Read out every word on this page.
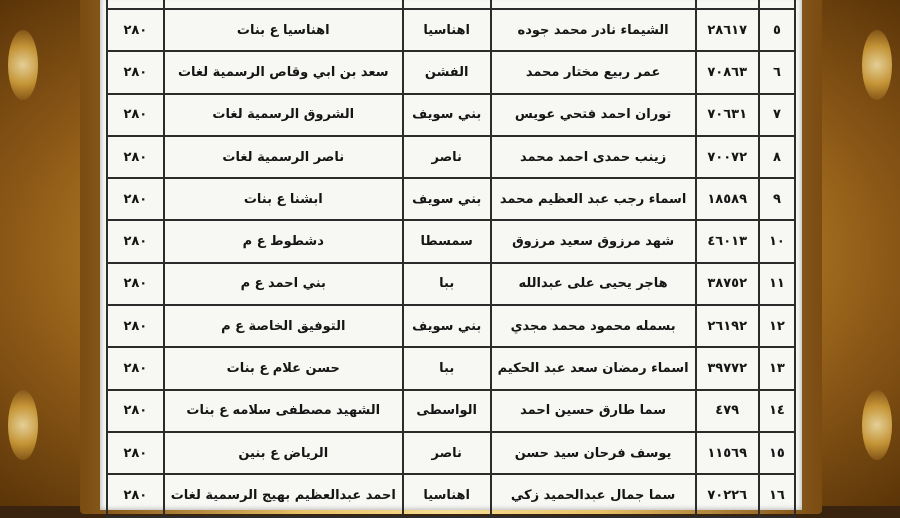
٥	٢٨٦١٧	الشيماء نادر محمد جوده	اهناسيا	اهناسيا ع بنات	٢٨٠
٦	٧٠٨٦٣	عمر ربيع مختار محمد	الفشن	سعد بن ابي وقاص الرسمية لغات	٢٨٠
٧	٧٠٦٣١	توران احمد فتحي عويس	بني سويف	الشروق الرسمية لغات	٢٨٠
٨	٧٠٠٧٢	زينب حمدى احمد محمد	ناصر	ناصر الرسمية لغات	٢٨٠
٩	١٨٥٨٩	اسماء رجب عبد العظيم محمد	بني سويف	ابشنا ع بنات	٢٨٠
١٠	٤٦٠١٣	شهد مرزوق سعيد مرزوق	سمسطا	دشطوط ع م	٢٨٠
١١	٣٨٧٥٢	هاجر يحيى على عبدالله	ببا	بني احمد ع م	٢٨٠
١٢	٢٦١٩٢	بسمله محمود محمد مجدي	بني سويف	التوفيق الخاصة ع م	٢٨٠
١٣	٣٩٧٧٢	اسماء رمضان سعد عبد الحكيم	ببا	حسن علام ع بنات	٢٨٠
١٤	٤٧٩	سما طارق حسين احمد	الواسطى	الشهيد مصطفى سلامه ع بنات	٢٨٠
١٥	١١٥٦٩	يوسف فرحان سيد حسن	ناصر	الرياض ع بنين	٢٨٠
١٦	٧٠٢٢٦	سما جمال عبدالحميد زكي	اهناسيا	احمد عبدالعظيم بهيج الرسمية لغات	٢٨٠
